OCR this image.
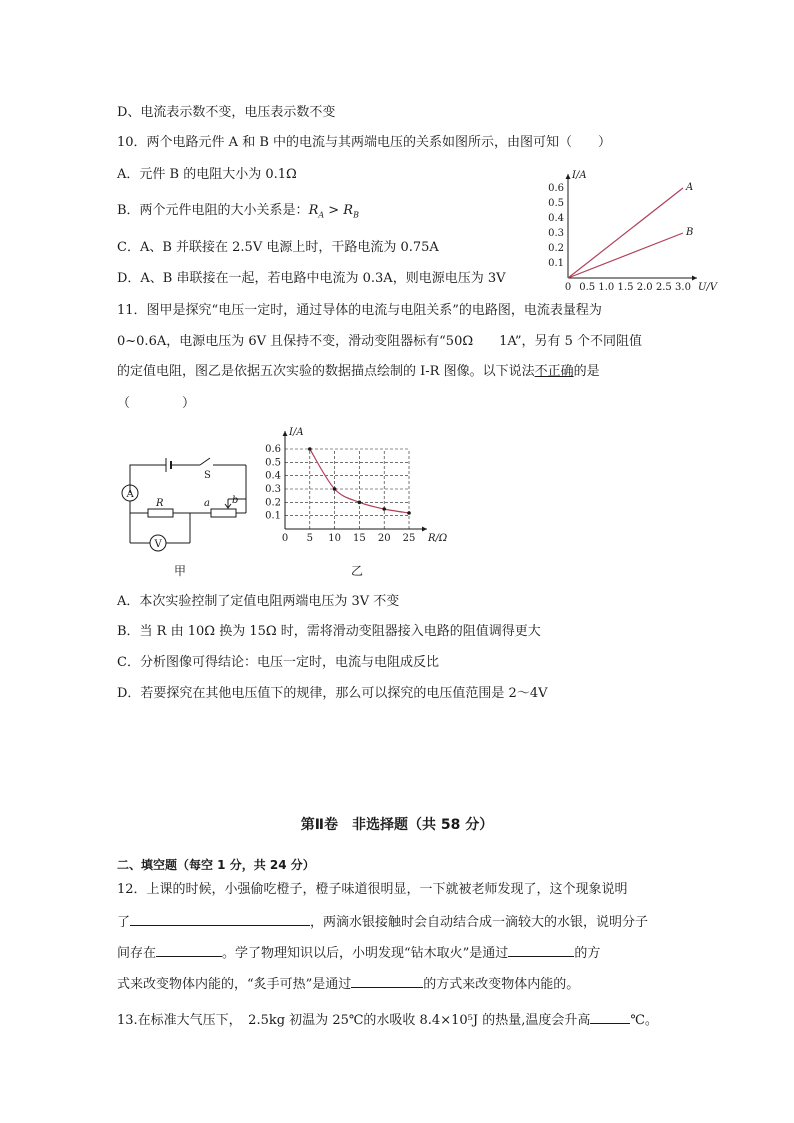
D、电流表示数不变，电压表示数不变
10．两个电路元件 A 和 B 中的电流与其两端电压的关系如图所示，由图可知（　　）
A．元件 B 的电阻大小为 0.1Ω
B．两个元件电阻的大小关系是：$R_A > R_B$
C．A、B 并联接在 2.5V 电源上时，干路电流为 0.75A
D．A、B 串联接在一起，若电路中电流为 0.3A，则电源电压为 3V
0 0.5 1.0 1.5 2.0 2.5 3.0
0.1
0.2
0.3
0.4
0.5
0.6
U/V
I/A
A
B
11．图甲是探究“电压一定时，通过导体的电流与电阻关系”的电路图，电流表量程为
0~0.6A，电源电压为 6V 且保持不变，滑动变阻器标有“50Ω　　1A”，另有 5 个不同阻值
的定值电阻，图乙是依据五次实验的数据描点绘制的 I-R 图像。以下说法不正确的是
（　　　　）
A
V
S
R	a b
甲
0 5 10 15 20 25
0.1
0.2
0.3
0.4
0.5
0.6
R/Ω
I/A
乙
A．本次实验控制了定值电阻两端电压为 3V 不变
B．当 R 由 10Ω 换为 15Ω 时，需将滑动变阻器接入电路的阻值调得更大
C．分析图像可得结论：电压一定时，电流与电阻成反比
D．若要探究在其他电压值下的规律，那么可以探究的电压值范围是 2～4V
第Ⅱ卷　非选择题（共 58 分）
二、填空题（每空 1 分，共 24 分）
12．上课的时候，小强偷吃橙子，橙子味道很明显，一下就被老师发现了，这个现象说明
了	，两滴水银接触时会自动结合成一滴较大的水银，说明分子
间存在	。学了物理知识以后，小明发现“钻木取火”是通过	的方
式来改变物体内能的，“炙手可热”是通过	的方式来改变物体内能的。
13.在标准大气压下，　2.5kg 初温为 25℃的水吸收 8.4×10⁵J 的热量,温度会升高	℃。
